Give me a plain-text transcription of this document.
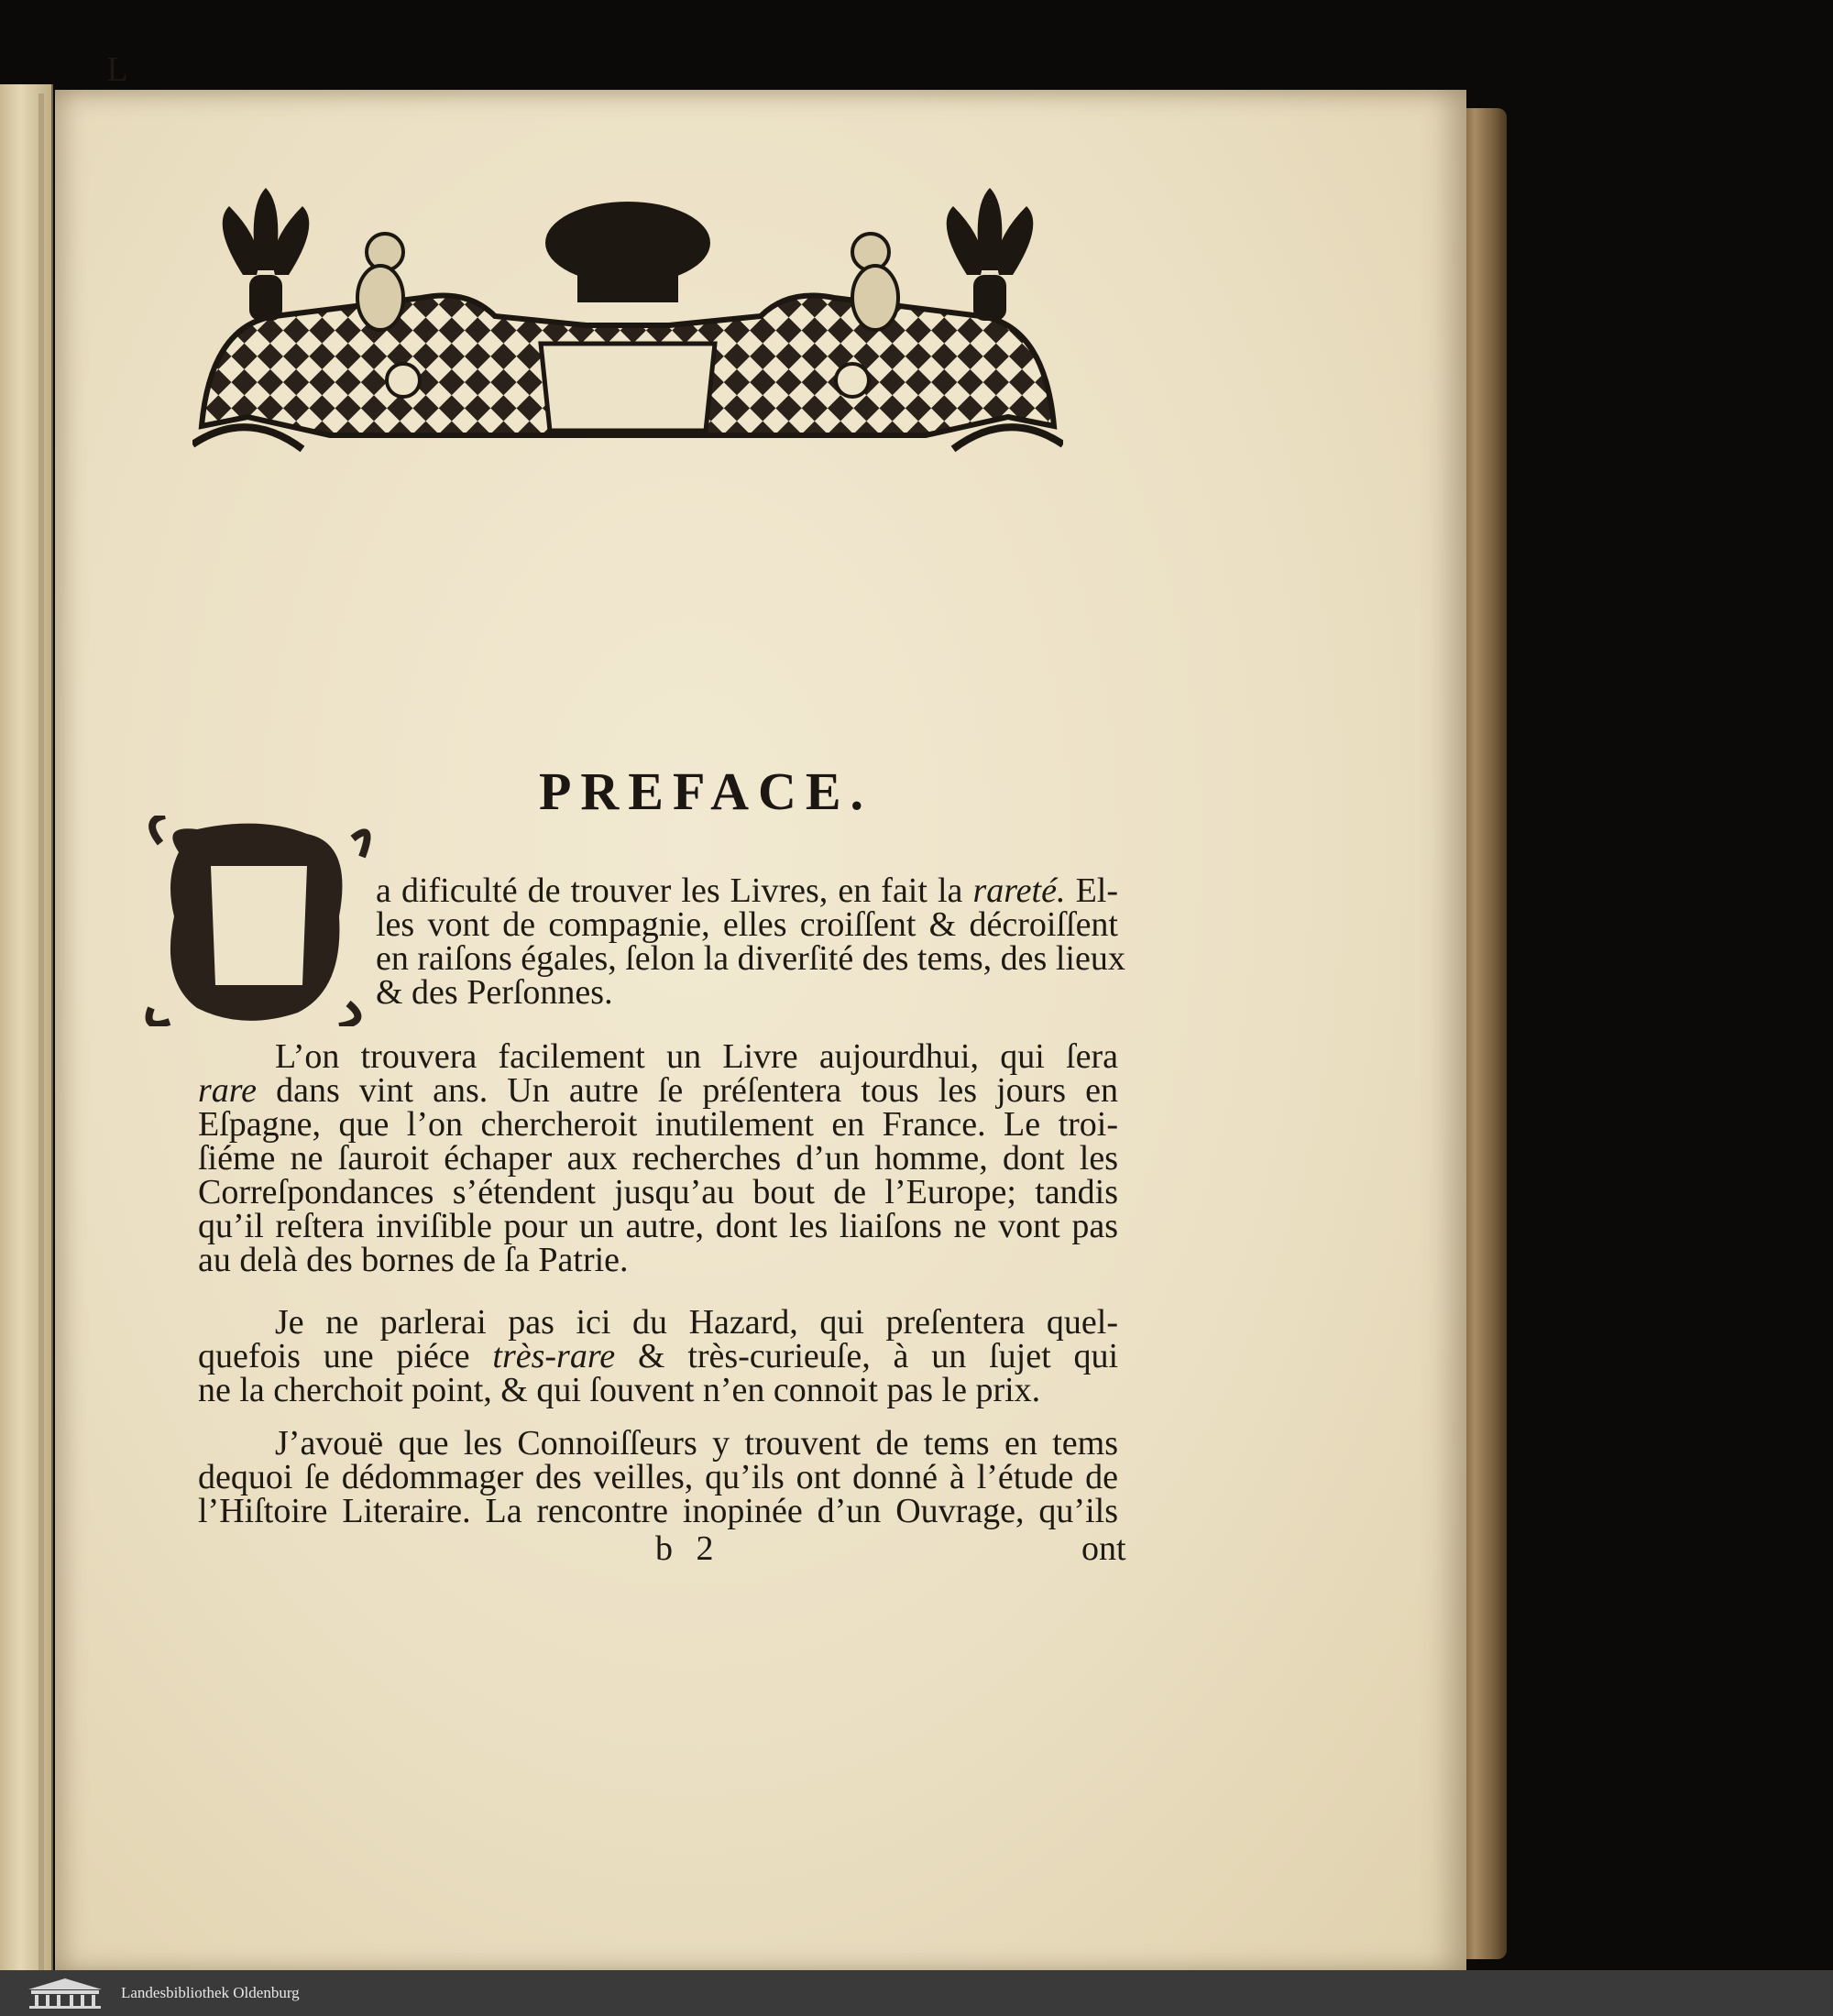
PREFACE.
L
a dificulté de trouver les Livres, en fait la rareté. El-
les vont de compagnie, elles croiſſent & décroiſſent
en raiſons égales, ſelon la diverſité des tems, des lieux
& des Perſonnes.
L’on trouvera facilement un Livre aujourdhui, qui ſera
rare dans vint ans. Un autre ſe préſentera tous les jours en
Eſpagne, que l’on chercheroit inutilement en France. Le troi-
ſiéme ne ſauroit échaper aux recherches d’un homme, dont les
Correſpondances s’étendent jusqu’au bout de l’Europe; tandis
qu’il reſtera inviſible pour un autre, dont les liaiſons ne vont pas
au delà des bornes de ſa Patrie.
Je ne parlerai pas ici du Hazard, qui preſentera quel-
quefois une piéce très-rare & très-curieuſe, à un ſujet qui
ne la cherchoit point, & qui ſouvent n’en connoit pas le prix.
J’avouë que les Connoiſſeurs y trouvent de tems en tems
dequoi ſe dédommager des veilles, qu’ils ont donné à l’étude de
l’Hiſtoire Literaire. La rencontre inopinée d’un Ouvrage, qu’ils
b 2	ont
Landesbibliothek Oldenburg
